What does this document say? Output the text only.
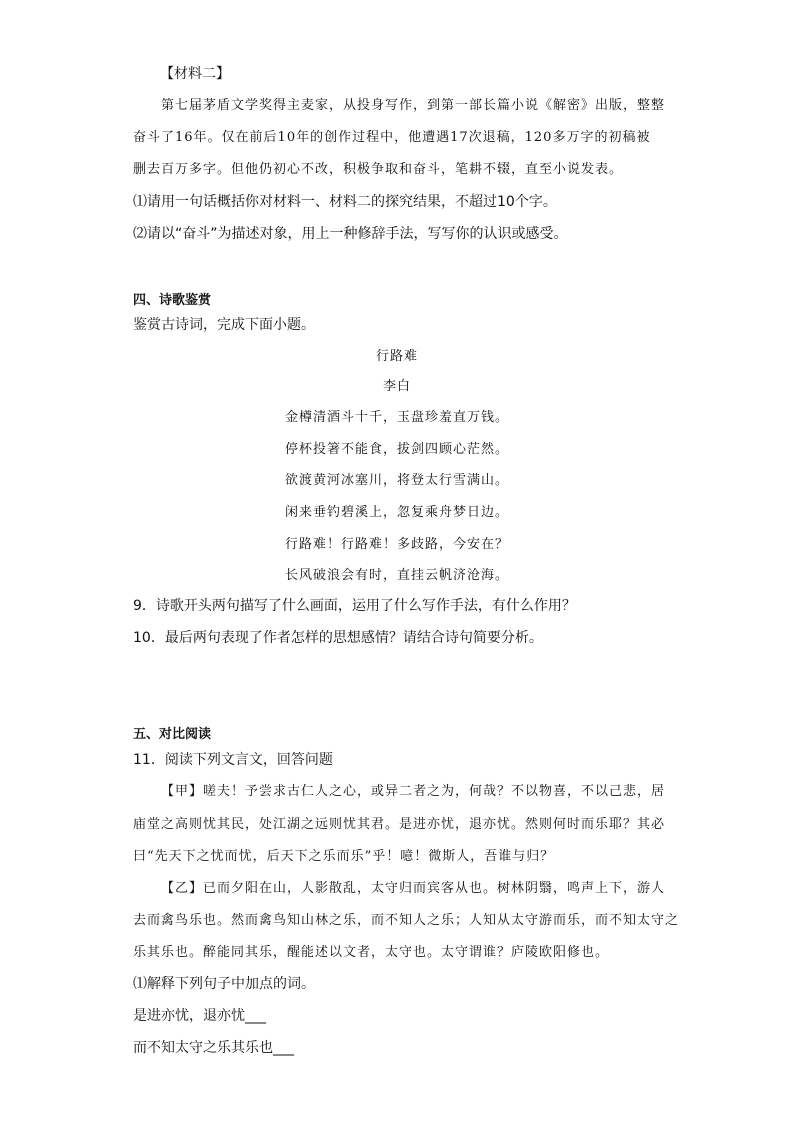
【材料二】
第七届茅盾文学奖得主麦家，从投身写作，到第一部长篇小说《解密》出版，整整
奋斗了16年。仅在前后10年的创作过程中，他遭遇17次退稿，120多万字的初稿被
删去百万多字。但他仍初心不改，积极争取和奋斗，笔耕不辍，直至小说发表。
⑴请用一句话概括你对材料一、材料二的探究结果，不超过10个字。
⑵请以“奋斗”为描述对象，用上一种修辞手法，写写你的认识或感受。
四、诗歌鉴赏
鉴赏古诗词，完成下面小题。
行路难
李白
金樽清酒斗十千，玉盘珍羞直万钱。
停杯投箸不能食，拔剑四顾心茫然。
欲渡黄河冰塞川，将登太行雪满山。
闲来垂钓碧溪上，忽复乘舟梦日边。
行路难！行路难！多歧路，今安在？
长风破浪会有时，直挂云帆济沧海。
9．诗歌开头两句描写了什么画面，运用了什么写作手法，有什么作用？
10．最后两句表现了作者怎样的思想感情？请结合诗句简要分析。
五、对比阅读
11．阅读下列文言文，回答问题
【甲】嗟夫！予尝求古仁人之心，或异二者之为，何哉？不以物喜，不以己悲，居
庙堂之高则忧其民，处江湖之远则忧其君。是进亦忧，退亦忧。然则何时而乐耶？其必
曰“先天下之忧而忧，后天下之乐而乐”乎！噫！微斯人，吾谁与归？
【乙】已而夕阳在山，人影散乱，太守归而宾客从也。树林阴翳，鸣声上下，游人
去而禽鸟乐也。然而禽鸟知山林之乐，而不知人之乐；人知从太守游而乐，而不知太守之
乐其乐也。醉能同其乐，醒能述以文者，太守也。太守谓谁？庐陵欧阳修也。
⑴解释下列句子中加点的词。
是进亦忧，退亦忧___
而不知太守之乐其乐也___
